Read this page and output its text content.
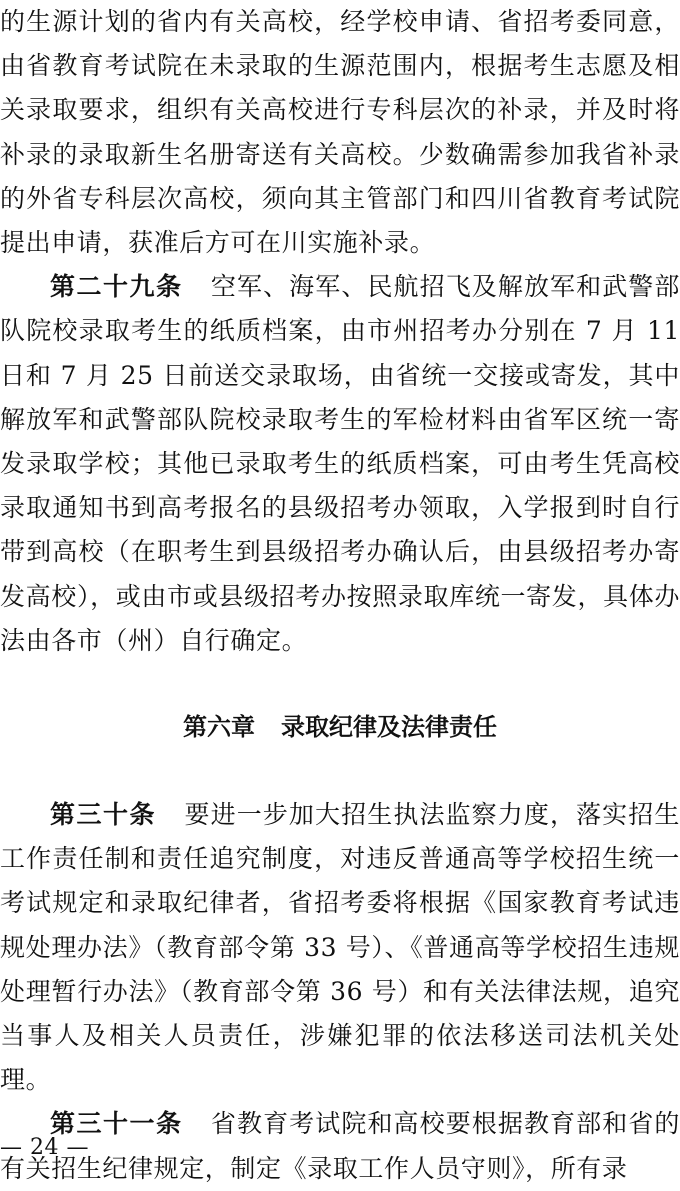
的生源计划的省内有关高校，经学校申请、省招考委同意，由省教育考试院在未录取的生源范围内，根据考生志愿及相关录取要求，组织有关高校进行专科层次的补录，并及时将补录的录取新生名册寄送有关高校。少数确需参加我省补录的外省专科层次高校，须向其主管部门和四川省教育考试院提出申请，获准后方可在川实施补录。

第二十九条 空军、海军、民航招飞及解放军和武警部队院校录取考生的纸质档案，由市州招考办分别在 7 月 11 日和 7 月 25 日前送交录取场，由省统一交接或寄发，其中解放军和武警部队院校录取考生的军检材料由省军区统一寄发录取学校；其他已录取考生的纸质档案，可由考生凭高校录取通知书到高考报名的县级招考办领取，入学报到时自行带到高校（在职考生到县级招考办确认后，由县级招考办寄发高校），或由市或县级招考办按照录取库统一寄发，具体办法由各市（州）自行确定。

第六章 录取纪律及法律责任

第三十条 要进一步加大招生执法监察力度，落实招生工作责任制和责任追究制度，对违反普通高等学校招生统一考试规定和录取纪律者，省招考委将根据《国家教育考试违规处理办法》（教育部令第 33 号）、《普通高等学校招生违规处理暂行办法》（教育部令第 36 号）和有关法律法规，追究当事人及相关人员责任，涉嫌犯罪的依法移送司法机关处理。

第三十一条 省教育考试院和高校要根据教育部和省的有关招生纪律规定，制定《录取工作人员守则》，所有录

— 24 —
